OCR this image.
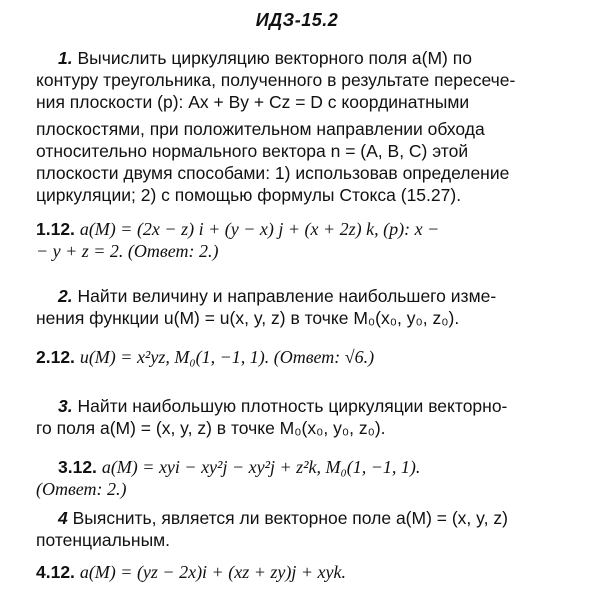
ИДЗ-15.2
1. Вычислить циркуляцию векторного поля a(M) по
контуру треугольника, полученного в результате пересече-
ния плоскости (p): Ax + By + Cz = D с координатными
плоскостями, при положительном направлении обхода
относительно нормального вектора n = (A, B, C) этой
плоскости двумя способами: 1) использовав определение
циркуляции; 2) с помощью формулы Стокса (15.27).
1.12. a(M) = (2x − z) i + (y − x) j + (x + 2z) k, (p): x −
− y + z = 2. (Ответ: 2.)
2. Найти величину и направление наибольшего изме-
нения функции u(M) = u(x, y, z) в точке M₀(x₀, y₀, z₀).
2.12. u(M) = x²yz, M₀(1, −1, 1). (Ответ: √6.)
3. Найти наибольшую плотность циркуляции векторно-
го поля a(M) = (x, y, z) в точке M₀(x₀, y₀, z₀).
3.12. a(M) = xyi − xy²j − xy²j + z²k, M₀(1, −1, 1).
(Ответ: 2.)
4 Выяснить, является ли векторное поле a(M) = (x, y, z)
потенциальным.
4.12. a(M) = (yz − 2x)i + (xz + zy)j + xyk.
